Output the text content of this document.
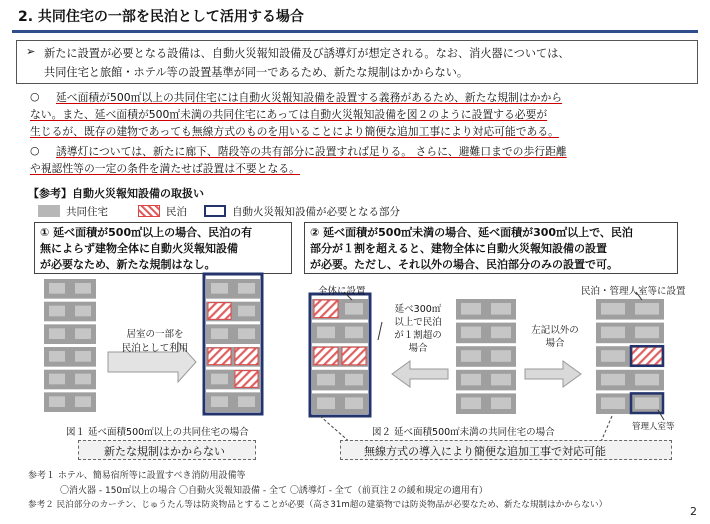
2. 共同住宅の一部を民泊として活用する場合
➢ 新たに設置が必要となる設備は、自動火災報知設備及び誘導灯が想定される。なお、消火器については、
共同住宅と旅館・ホテル等の設置基準が同一であるため、新たな規制はかからない。
○ 延べ面積が500㎡以上の共同住宅には自動火災報知設備を設置する義務があるため、新たな規制はかから
ない。また、延べ面積が500㎡未満の共同住宅にあっては自動火災報知設備を図２のように設置する必要が
生じるが、既存の建物であっても無線方式のものを用いることにより簡便な追加工事により対応可能である。
○ 誘導灯については、新たに廊下、階段等の共有部分に設置すれば足りる。 さらに、避難口までの歩行距離
や視認性等の一定の条件を満たせば設置は不要となる。
【参考】自動火災報知設備の取扱い
共同住宅	民泊	自動火災報知設備が必要となる部分
① 延べ面積が500㎡以上の場合、民泊の有
無によらず建物全体に自動火災報知設備
が必要なため、新たな規制はなし。
② 延べ面積が500㎡未満の場合、延べ面積が300㎡以上で、民泊
部分が１割を超えると、建物全体に自動火災報知設備の設置
が必要。ただし、それ以外の場合、民泊部分のみの設置で可。
居室の一部を
民泊として利用
全体に設置	民泊・管理人室等に設置
延べ300㎡
以上で民泊
が１割超の
場合
左記以外の
場合
管理人室等
図１ 延べ面積500㎡以上の共同住宅の場合	図２ 延べ面積500㎡未満の共同住宅の場合
新たな規制はかからない	無線方式の導入により簡便な追加工事で対応可能
参考１ ホテル、簡易宿所等に設置すべき消防用設備等
〇消火器 - 150㎡以上の場合 〇自動火災報知設備 - 全て 〇誘導灯 - 全て（前頁注２の緩和規定の適用有）
参考２ 民泊部分のカーテン、じゅうたん等は防炎物品とすることが必要（高さ31m超の建築物では防炎物品が必要なため、新たな規制はかからない）	2
